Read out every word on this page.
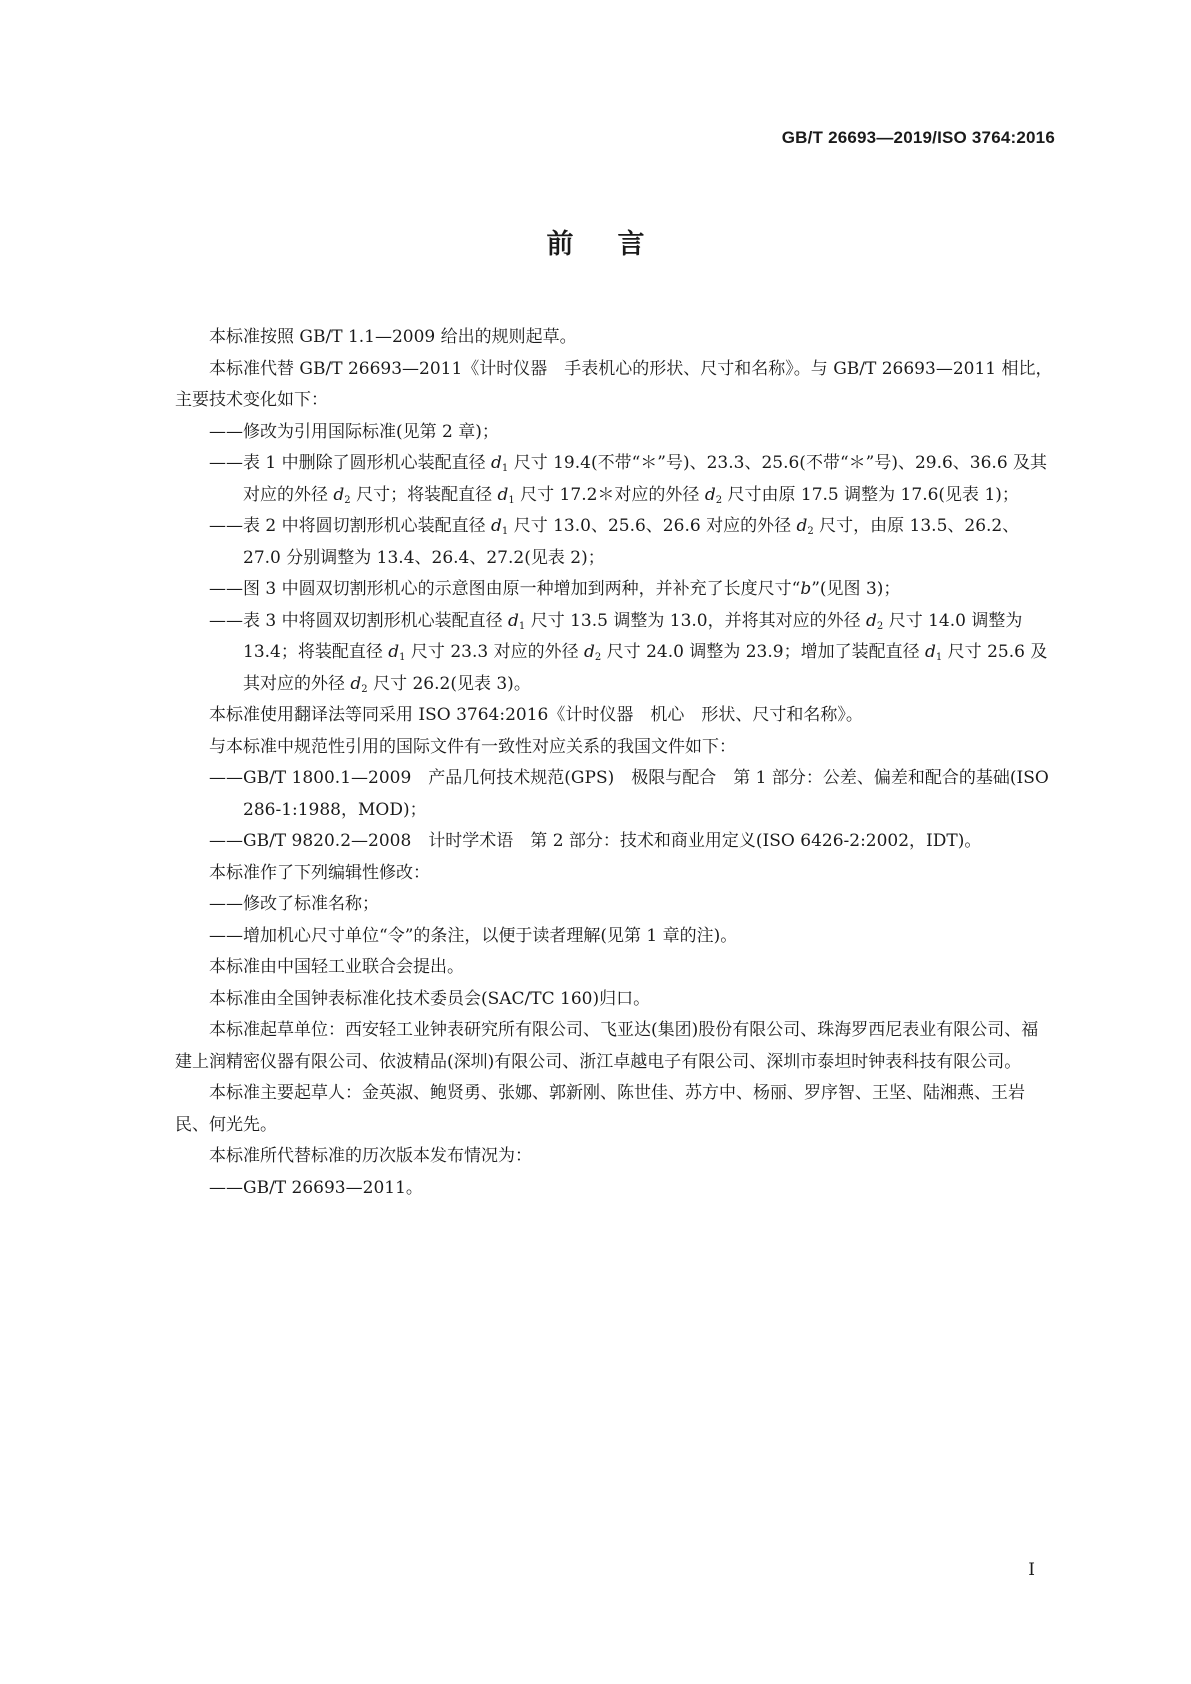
GB/T 26693—2019/ISO 3764:2016
前言

本标准按照 GB/T 1.1—2009 给出的规则起草。

本标准代替 GB/T 26693—2011《计时仪器　手表机心的形状、尺寸和名称》。与 GB/T 26693—2011 相比，主要技术变化如下：

——修改为引用国际标准(见第 2 章)；

——表 1 中删除了圆形机心装配直径 $d_1$ 尺寸 19.4(不带“＊”号)、23.3、25.6(不带“＊”号)、29.6、36.6 及其对应的外径 $d_2$ 尺寸；将装配直径 $d_1$ 尺寸 17.2＊对应的外径 $d_2$ 尺寸由原 17.5 调整为 17.6(见表 1)；

——表 2 中将圆切割形机心装配直径 $d_1$ 尺寸 13.0、25.6、26.6 对应的外径 $d_2$ 尺寸，由原 13.5、26.2、27.0 分别调整为 13.4、26.4、27.2(见表 2)；

——图 3 中圆双切割形机心的示意图由原一种增加到两种，并补充了长度尺寸“b”(见图 3)；

——表 3 中将圆双切割形机心装配直径 $d_1$ 尺寸 13.5 调整为 13.0，并将其对应的外径 $d_2$ 尺寸 14.0 调整为 13.4；将装配直径 $d_1$ 尺寸 23.3 对应的外径 $d_2$ 尺寸 24.0 调整为 23.9；增加了装配直径 $d_1$ 尺寸 25.6 及其对应的外径 $d_2$ 尺寸 26.2(见表 3)。

本标准使用翻译法等同采用 ISO 3764:2016《计时仪器　机心　形状、尺寸和名称》。

与本标准中规范性引用的国际文件有一致性对应关系的我国文件如下：

——GB/T 1800.1—2009　产品几何技术规范(GPS)　极限与配合　第 1 部分：公差、偏差和配合的基础(ISO 286-1:1988，MOD)；

——GB/T 9820.2—2008　计时学术语　第 2 部分：技术和商业用定义(ISO 6426-2:2002，IDT)。

本标准作了下列编辑性修改：

——修改了标准名称；

——增加机心尺寸单位“令”的条注，以便于读者理解(见第 1 章的注)。

本标准由中国轻工业联合会提出。

本标准由全国钟表标准化技术委员会(SAC/TC 160)归口。

本标准起草单位：西安轻工业钟表研究所有限公司、飞亚达(集团)股份有限公司、珠海罗西尼表业有限公司、福建上润精密仪器有限公司、依波精品(深圳)有限公司、浙江卓越电子有限公司、深圳市泰坦时钟表科技有限公司。

本标准主要起草人：金英淑、鲍贤勇、张娜、郭新刚、陈世佳、苏方中、杨丽、罗序智、王坚、陆湘燕、王岩民、何光先。

本标准所代替标准的历次版本发布情况为：

——GB/T 26693—2011。

I
